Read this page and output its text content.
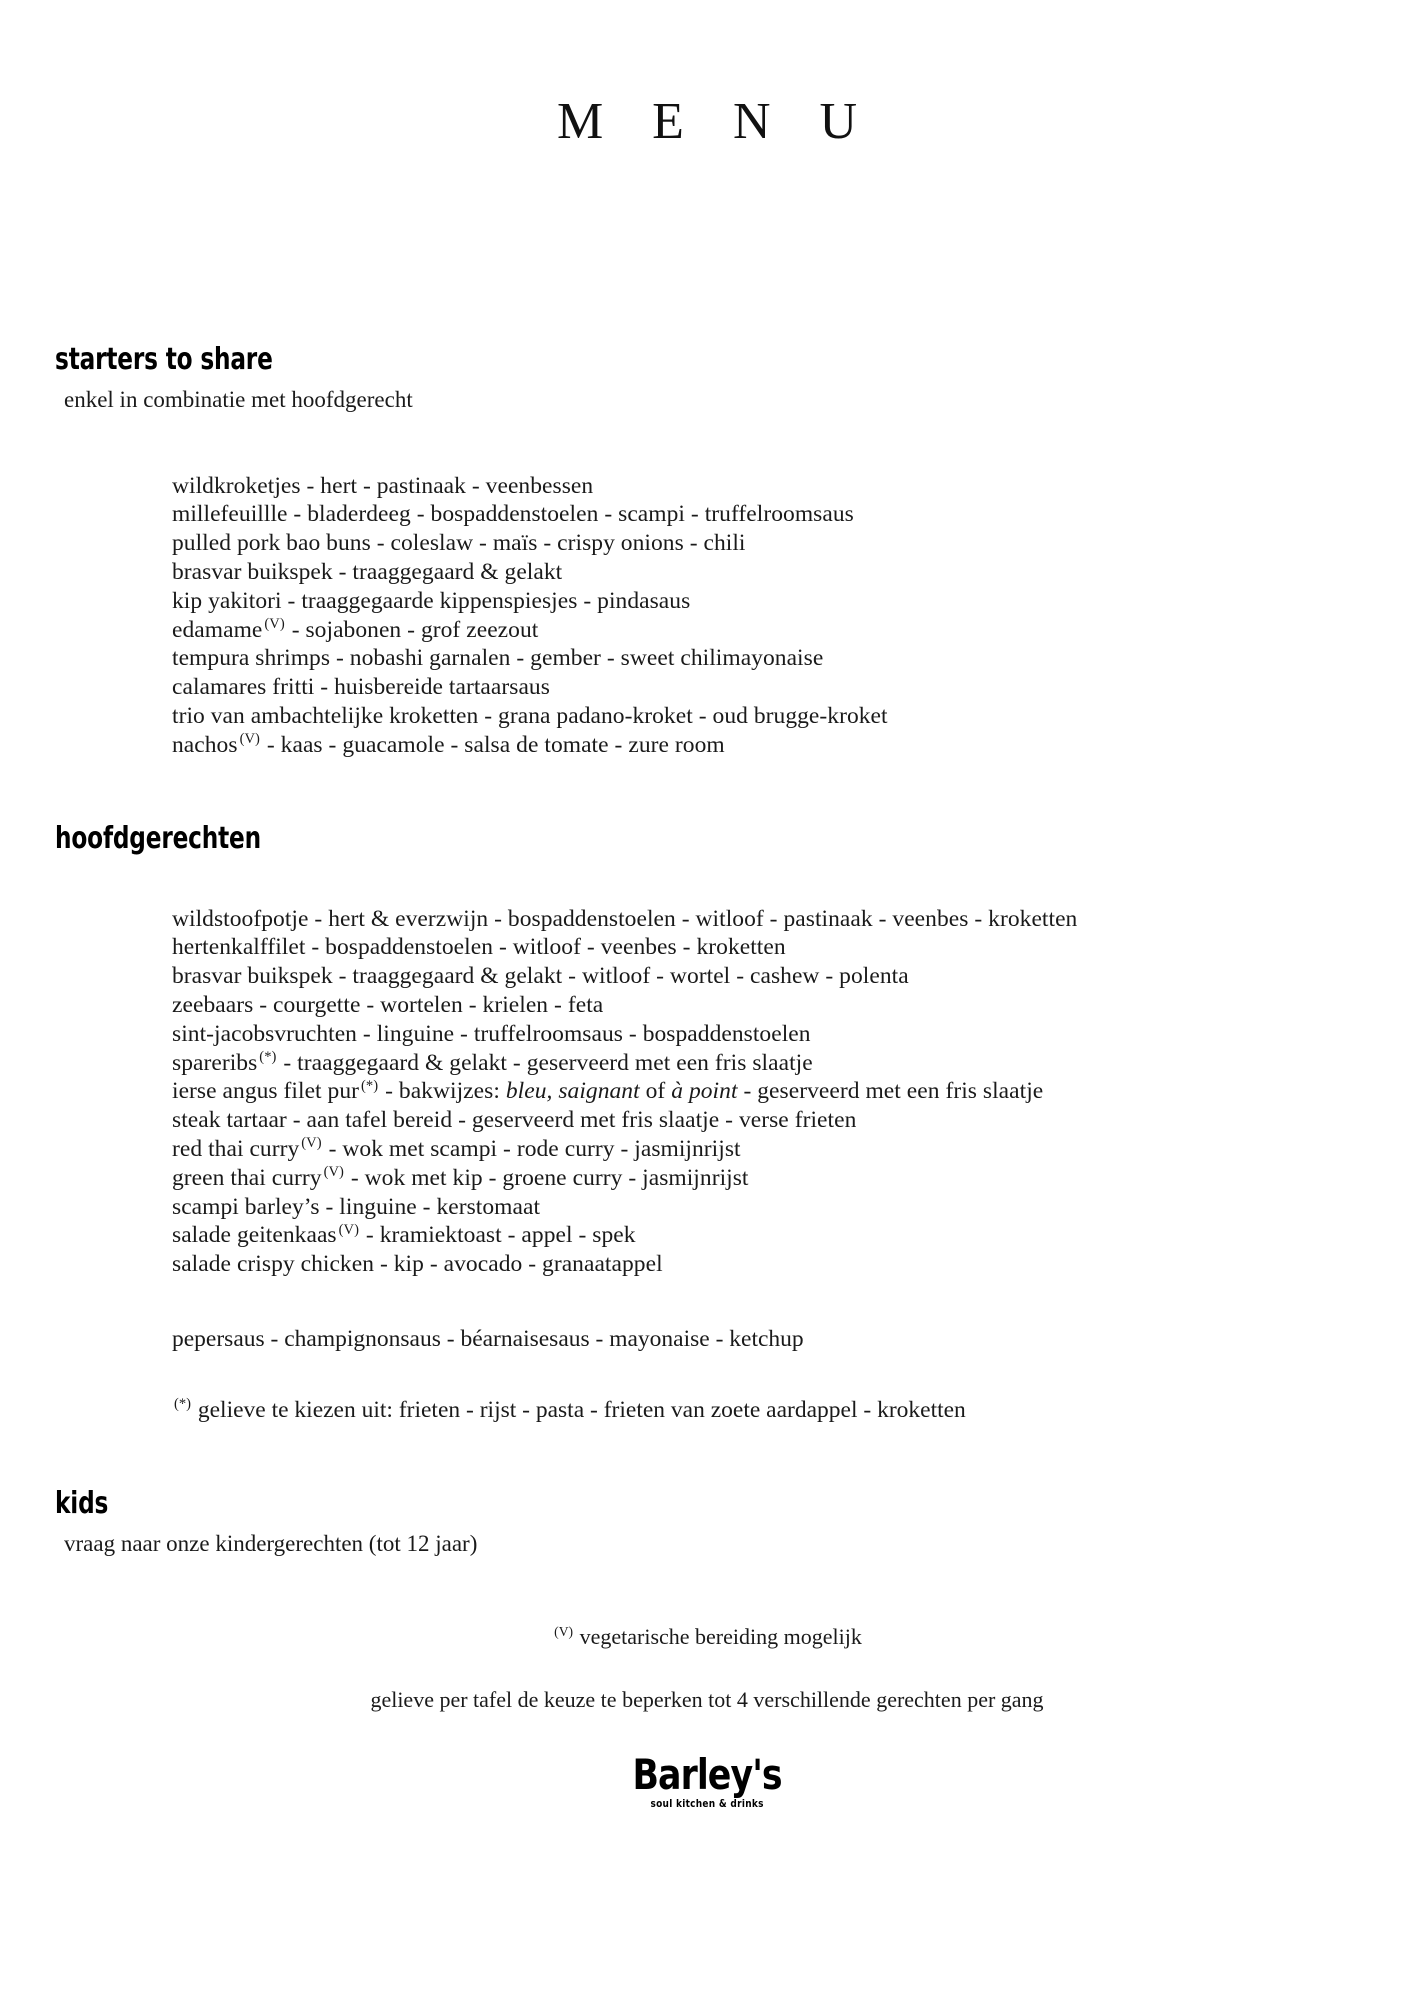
M E N U
starters to share
enkel in combinatie met hoofdgerecht
wildkroketjes - hert - pastinaak - veenbessen
millefeuillle - bladerdeeg - bospaddenstoelen - scampi - truffelroomsaus
pulled pork bao buns - coleslaw - maïs - crispy onions - chili
brasvar buikspek - traaggegaard & gelakt
kip yakitori - traaggegaarde kippenspiesjes - pindasaus
edamame $^{(V)}$ - sojabonen - grof zeezout
tempura shrimps - nobashi garnalen - gember - sweet chilimayonaise
calamares fritti - huisbereide tartaarsaus
trio van ambachtelijke kroketten - grana padano-kroket - oud brugge-kroket
nachos $^{(V)}$ - kaas - guacamole - salsa de tomate - zure room
hoofdgerechten
wildstoofpotje - hert & everzwijn - bospaddenstoelen - witloof - pastinaak - veenbes - kroketten
hertenkalffilet - bospaddenstoelen - witloof - veenbes - kroketten
brasvar buikspek - traaggegaard & gelakt - witloof - wortel - cashew - polenta
zeebaars - courgette - wortelen - krielen - feta
sint-jacobsvruchten - linguine - truffelroomsaus - bospaddenstoelen
spareribs (*) - traaggegaard & gelakt - geserveerd met een fris slaatje
ierse angus filet pur (*) - bakwijzes: bleu, saignant of à point - geserveerd met een fris slaatje
steak tartaar - aan tafel bereid - geserveerd met fris slaatje - verse frieten
red thai curry $^{(V)}$ - wok met scampi - rode curry - jasmijnrijst
green thai curry $^{(V)}$ - wok met kip - groene curry - jasmijnrijst
scampi barley’s - linguine - kerstomaat
salade geitenkaas $^{(V)}$ - kramiektoast - appel - spek
salade crispy chicken - kip - avocado - granaatappel
pepersaus - champignonsaus - béarnaisesaus - mayonaise - ketchup
(*) gelieve te kiezen uit: frieten - rijst - pasta - frieten van zoete aardappel - kroketten
kids
vraag naar onze kindergerechten (tot 12 jaar)

$^{(V)}$ vegetarische bereiding mogelijk

gelieve per tafel de keuze te beperken tot 4 verschillende gerechten per gang

Barley's
soul kitchen & drinks
